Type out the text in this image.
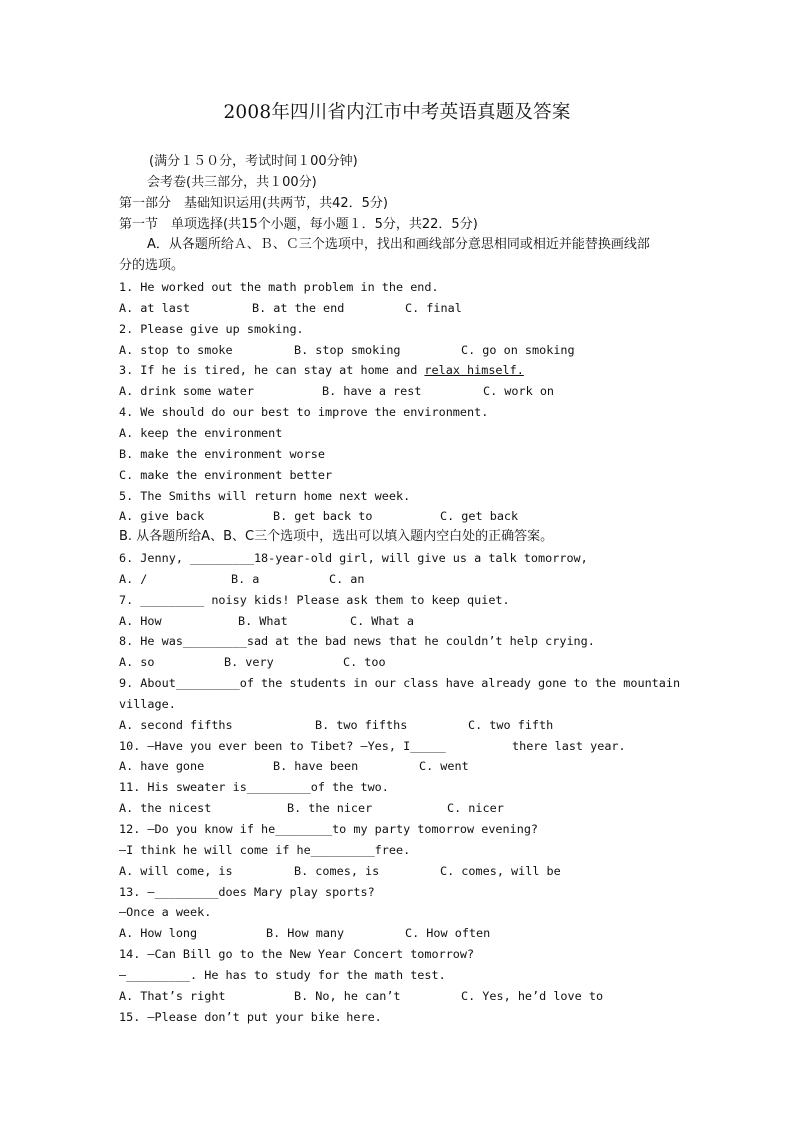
2008年四川省内江市中考英语真题及答案
(满分１５０分，考试时间１00分钟)
会考卷(共三部分，共１00分)
第一部分　基础知识运用(共两节，共42．5分)
第一节　单项选择(共15个小题，每小题１．5分，共22．5分)
A．从各题所给Ａ、Ｂ、Ｃ三个选项中，找出和画线部分意思相同或相近并能替换画线部
分的选项。
1. He worked out the math problem in the end.
A. at last	B. at the end	C. final
2. Please give up smoking.
A. stop to smoke	B. stop smoking	C. go on smoking
3. If he is tired, he can stay at home and relax himself.
A. drink some water	B. have a rest	C. work on
4. We should do our best to improve the environment.
A. keep the environment
B. make the environment worse
C. make the environment better
5. The Smiths will return home next week.
A. give back	B. get back to	C. get back
B. 从各题所给A、B、C三个选项中，选出可以填入题内空白处的正确答案。
6. Jenny, _________18-year-old girl, will give us a talk tomorrow,
A. /	B. a	C. an
7. _________ noisy kids! Please ask them to keep quiet.
A. How	B. What	C. What a
8. He was_________sad at the bad news that he couldn’t help crying.
A. so	B. very	C. too
9. About_________of the students in our class have already gone to the mountain
village.
A. second fifths	B. two fifths	C. two fifth
10. —Have you ever been to Tibet? —Yes, I_____	there last year.
A. have gone	B. have been	C. went
11. His sweater is_________of the two.
A. the nicest	B. the nicer	C. nicer
12. —Do you know if he________to my party tomorrow evening?
—I think he will come if he_________free.
A. will come, is	B. comes, is	C. comes, will be
13. —_________does Mary play sports?
—Once a week.
A. How long	B. How many	C. How often
14. —Can Bill go to the New Year Concert tomorrow?
—_________. He has to study for the math test.
A. That’s right	B. No, he can’t	C. Yes, he’d love to
15. —Please don’t put your bike here.
